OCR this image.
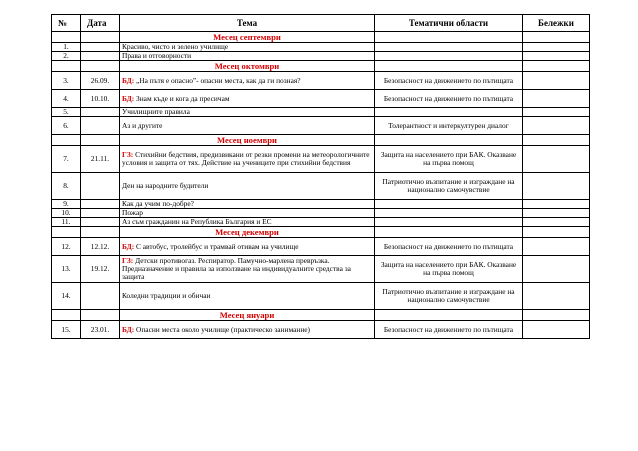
№	Дата	Тема	Тематични области	Бележки
		Месец септември		
1.		Красиво, чисто и зелено училище		
2.		Права и отговорности		
		Месец октомври		
3.	26.09.	БД: „На пътя е опасно”- опасни места, как да ги позная?	Безопасност на движението по пътищата	
4.	10.10.	БД: Знам къде и кога да пресичам	Безопасност на движението по пътищата	
5.		Училищните правила		
6.		Аз и другите	Толерантност и интеркултурен диалог	
		Месец ноември		
7.	21.11.	ГЗ: Стихийни бедствия, предизвикани от резки промени на метеорологичните условия и защита от тях. Действие на учениците при стихийни бедствия	Защита на населението при БАК. Оказване на първа помощ	
8.		Ден на народните будители	Патриотично възпитание и изграждане на национално самочувствие	
9.		Как да учим по-добре?		
10.		Пожар		
11.		Аз съм гражданин на Република България и ЕС		
		Месец декември		
12.	12.12.	БД: С автобус, тролейбус и трамвай отивам на училище	Безопасност на движението по пътищата	
13.	19.12.	ГЗ: Детски противогаз. Респиратор. Памучно-марлена превръзка. Предназначение и правила за използване на индивидуалните средства за защита	Защита на населението при БАК. Оказване на първа помощ	
14.		Коледни традиции и обичаи	Патриотично възпитание и изграждане на национално самочувствие	
		Месец януари		
15.	23.01.	БД: Опасни места около училище (практическо занимание)	Безопасност на движението по пътищата	
